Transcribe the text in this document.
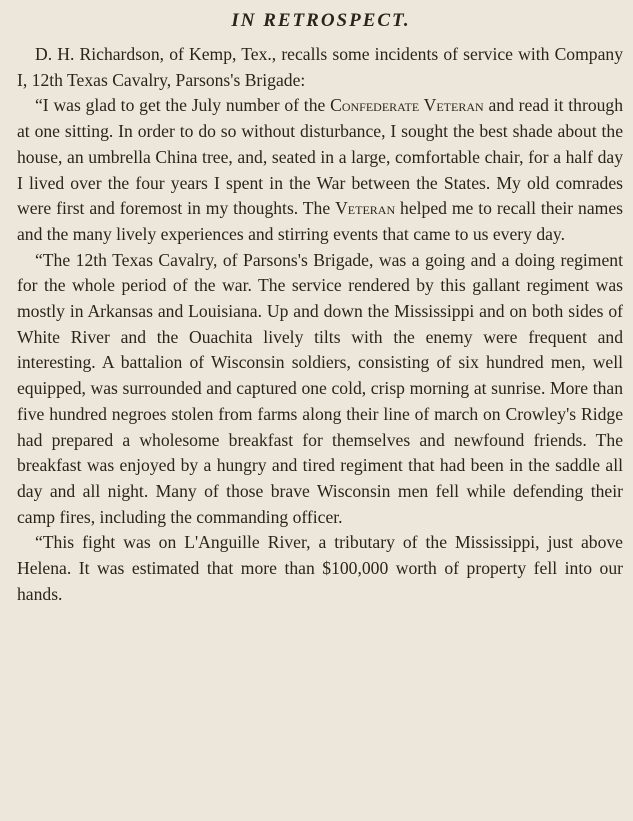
IN RETROSPECT.

D. H. Richardson, of Kemp, Tex., recalls some incidents of service with Company I, 12th Texas Cavalry, Parsons's Brigade:

“I was glad to get the July number of the Confederate Veteran and read it through at one sitting. In order to do so without disturbance, I sought the best shade about the house, an umbrella China tree, and, seated in a large, comfortable chair, for a half day I lived over the four years I spent in the War between the States. My old comrades were first and foremost in my thoughts. The Veteran helped me to recall their names and the many lively experiences and stirring events that came to us every day.

“The 12th Texas Cavalry, of Parsons's Brigade, was a going and a doing regiment for the whole period of the war. The service rendered by this gallant regiment was mostly in Arkansas and Louisiana. Up and down the Mississippi and on both sides of White River and the Ouachita lively tilts with the enemy were frequent and interesting. A battalion of Wisconsin soldiers, consisting of six hundred men, well equipped, was surrounded and captured one cold, crisp morning at sunrise. More than five hundred negroes stolen from farms along their line of march on Crowley's Ridge had prepared a wholesome breakfast for themselves and newfound friends. The breakfast was enjoyed by a hungry and tired regiment that had been in the saddle all day and all night. Many of those brave Wisconsin men fell while defending their camp fires, including the commanding officer.

“This fight was on L'Anguille River, a tributary of the Mississippi, just above Helena. It was estimated that more than $100,000 worth of property fell into our hands.
